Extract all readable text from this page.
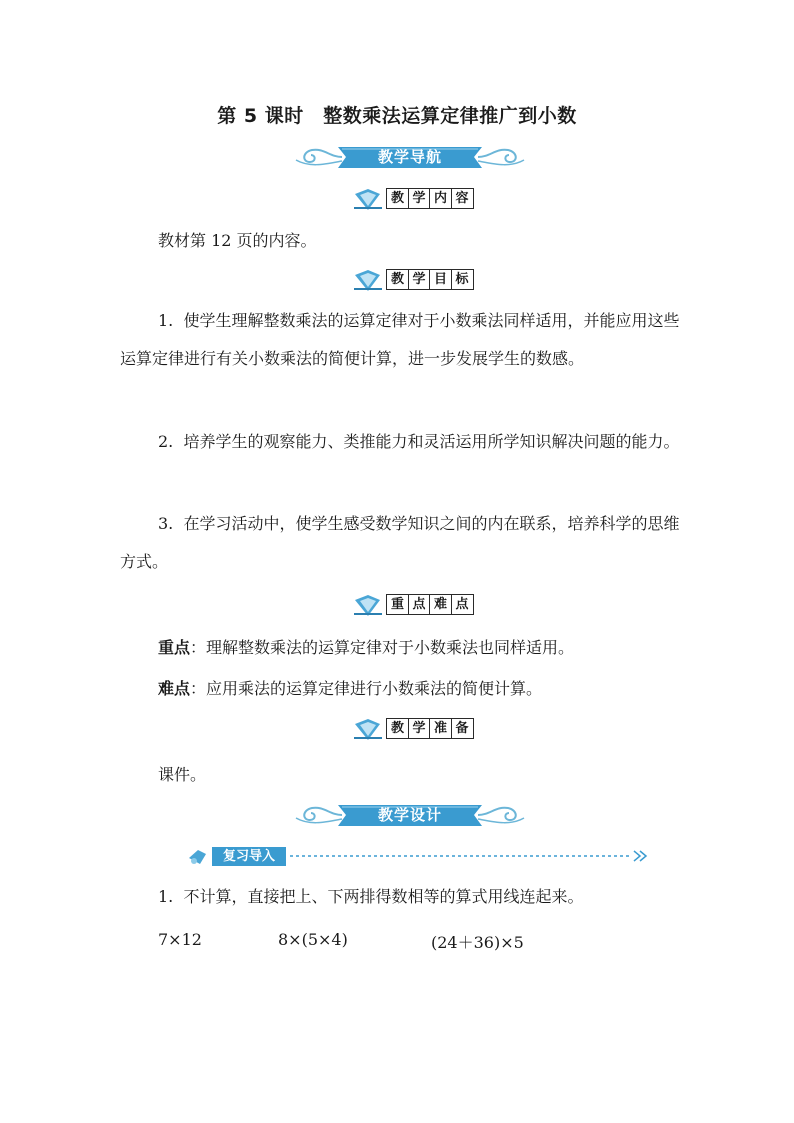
第 5 课时　整数乘法运算定律推广到小数
教学导航
教 学 内 容
教材第 12 页的内容。
教 学 目 标
1. 使学生理解整数乘法的运算定律对于小数乘法同样适用，并能应用这些运算定律进行有关小数乘法的简便计算，进一步发展学生的数感。
2. 培养学生的观察能力、类推能力和灵活运用所学知识解决问题的能力。
3. 在学习活动中，使学生感受数学知识之间的内在联系，培养科学的思维方式。
重 点 难 点
重点：理解整数乘法的运算定律对于小数乘法也同样适用。
难点：应用乘法的运算定律进行小数乘法的简便计算。
教 学 准 备
课件。
教学设计
复习导入
1. 不计算，直接把上、下两排得数相等的算式用线连起来。
7×12	8×(5×4)	(24＋36)×5
